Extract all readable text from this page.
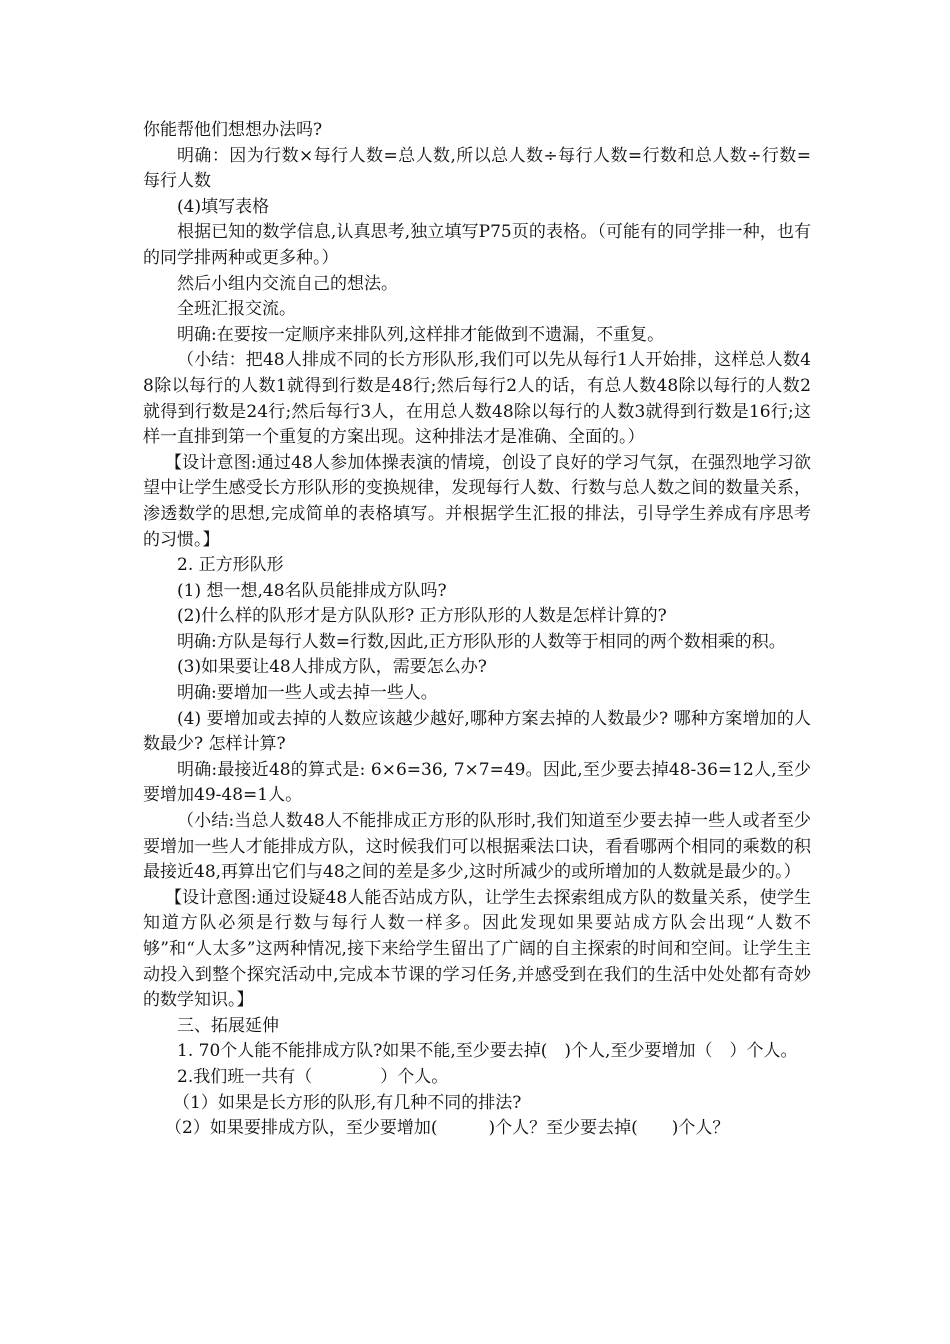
你能帮他们想想办法吗?

明确：因为行数×每行人数=总人数,所以总人数÷每行人数=行数和总人数÷行数=每行人数

(4)填写表格

根据已知的数学信息,认真思考,独立填写P75页的表格。（可能有的同学排一种，也有的同学排两种或更多种。）

然后小组内交流自己的想法。

全班汇报交流。

明确:在要按一定顺序来排队列,这样排才能做到不遗漏，不重复。

（小结：把48人排成不同的长方形队形,我们可以先从每行1人开始排，这样总人数48除以每行的人数1就得到行数是48行;然后每行2人的话，有总人数48除以每行的人数2就得到行数是24行;然后每行3人，在用总人数48除以每行的人数3就得到行数是16行;这样一直排到第一个重复的方案出现。这种排法才是准确、全面的。）

【设计意图:通过48人参加体操表演的情境，创设了良好的学习气氛，在强烈地学习欲望中让学生感受长方形队形的变换规律，发现每行人数、行数与总人数之间的数量关系，渗透数学的思想,完成简单的表格填写。并根据学生汇报的排法，引导学生养成有序思考的习惯。】

2. 正方形队形

(1) 想一想,48名队员能排成方队吗?

(2)什么样的队形才是方队队形? 正方形队形的人数是怎样计算的?

明确:方队是每行人数=行数,因此,正方形队形的人数等于相同的两个数相乘的积。

(3)如果要让48人排成方队，需要怎么办?

明确:要增加一些人或去掉一些人。

(4) 要增加或去掉的人数应该越少越好,哪种方案去掉的人数最少? 哪种方案增加的人数最少? 怎样计算?

明确:最接近48的算式是: 6×6=36, 7×7=49。因此,至少要去掉48-36=12人,至少要增加49-48=1人。

（小结:当总人数48人不能排成正方形的队形时,我们知道至少要去掉一些人或者至少要增加一些人才能排成方队，这时候我们可以根据乘法口诀，看看哪两个相同的乘数的积最接近48,再算出它们与48之间的差是多少,这时所减少的或所增加的人数就是最少的。）

【设计意图:通过设疑48人能否站成方队，让学生去探索组成方队的数量关系，使学生知道方队必须是行数与每行人数一样多。因此发现如果要站成方队会出现“人数不够”和“人太多”这两种情况,接下来给学生留出了广阔的自主探索的时间和空间。让学生主动投入到整个探究活动中,完成本节课的学习任务,并感受到在我们的生活中处处都有奇妙的数学知识。】

三、拓展延伸

1. 70个人能不能排成方队?如果不能,至少要去掉(　)个人,至少要增加（　）个人。

2.我们班一共有（　　　　）个人。

（1）如果是长方形的队形,有几种不同的排法?

（2）如果要排成方队，至少要增加(　　　)个人？至少要去掉(　　)个人？
